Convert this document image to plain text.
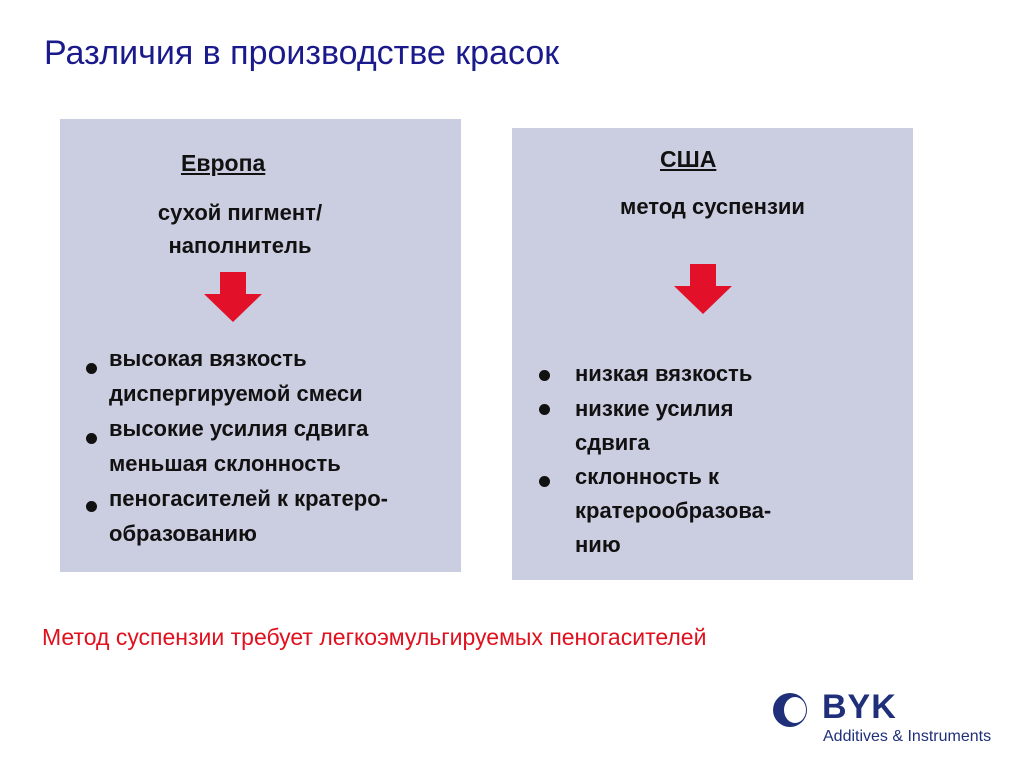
Различия в производстве красок
Европа
сухой пигмент/
наполнитель
высокая вязкость
диспергируемой смеси
высокие усилия сдвига
меньшая склонность
пеногасителей к кратеро-
образованию
США
метод суспензии
низкая вязкость
низкие усилия
сдвига
склонность к
кратерообразова-
нию
Метод суспензии требует легкоэмульгируемых пеногасителей
BYK
Additives & Instruments
